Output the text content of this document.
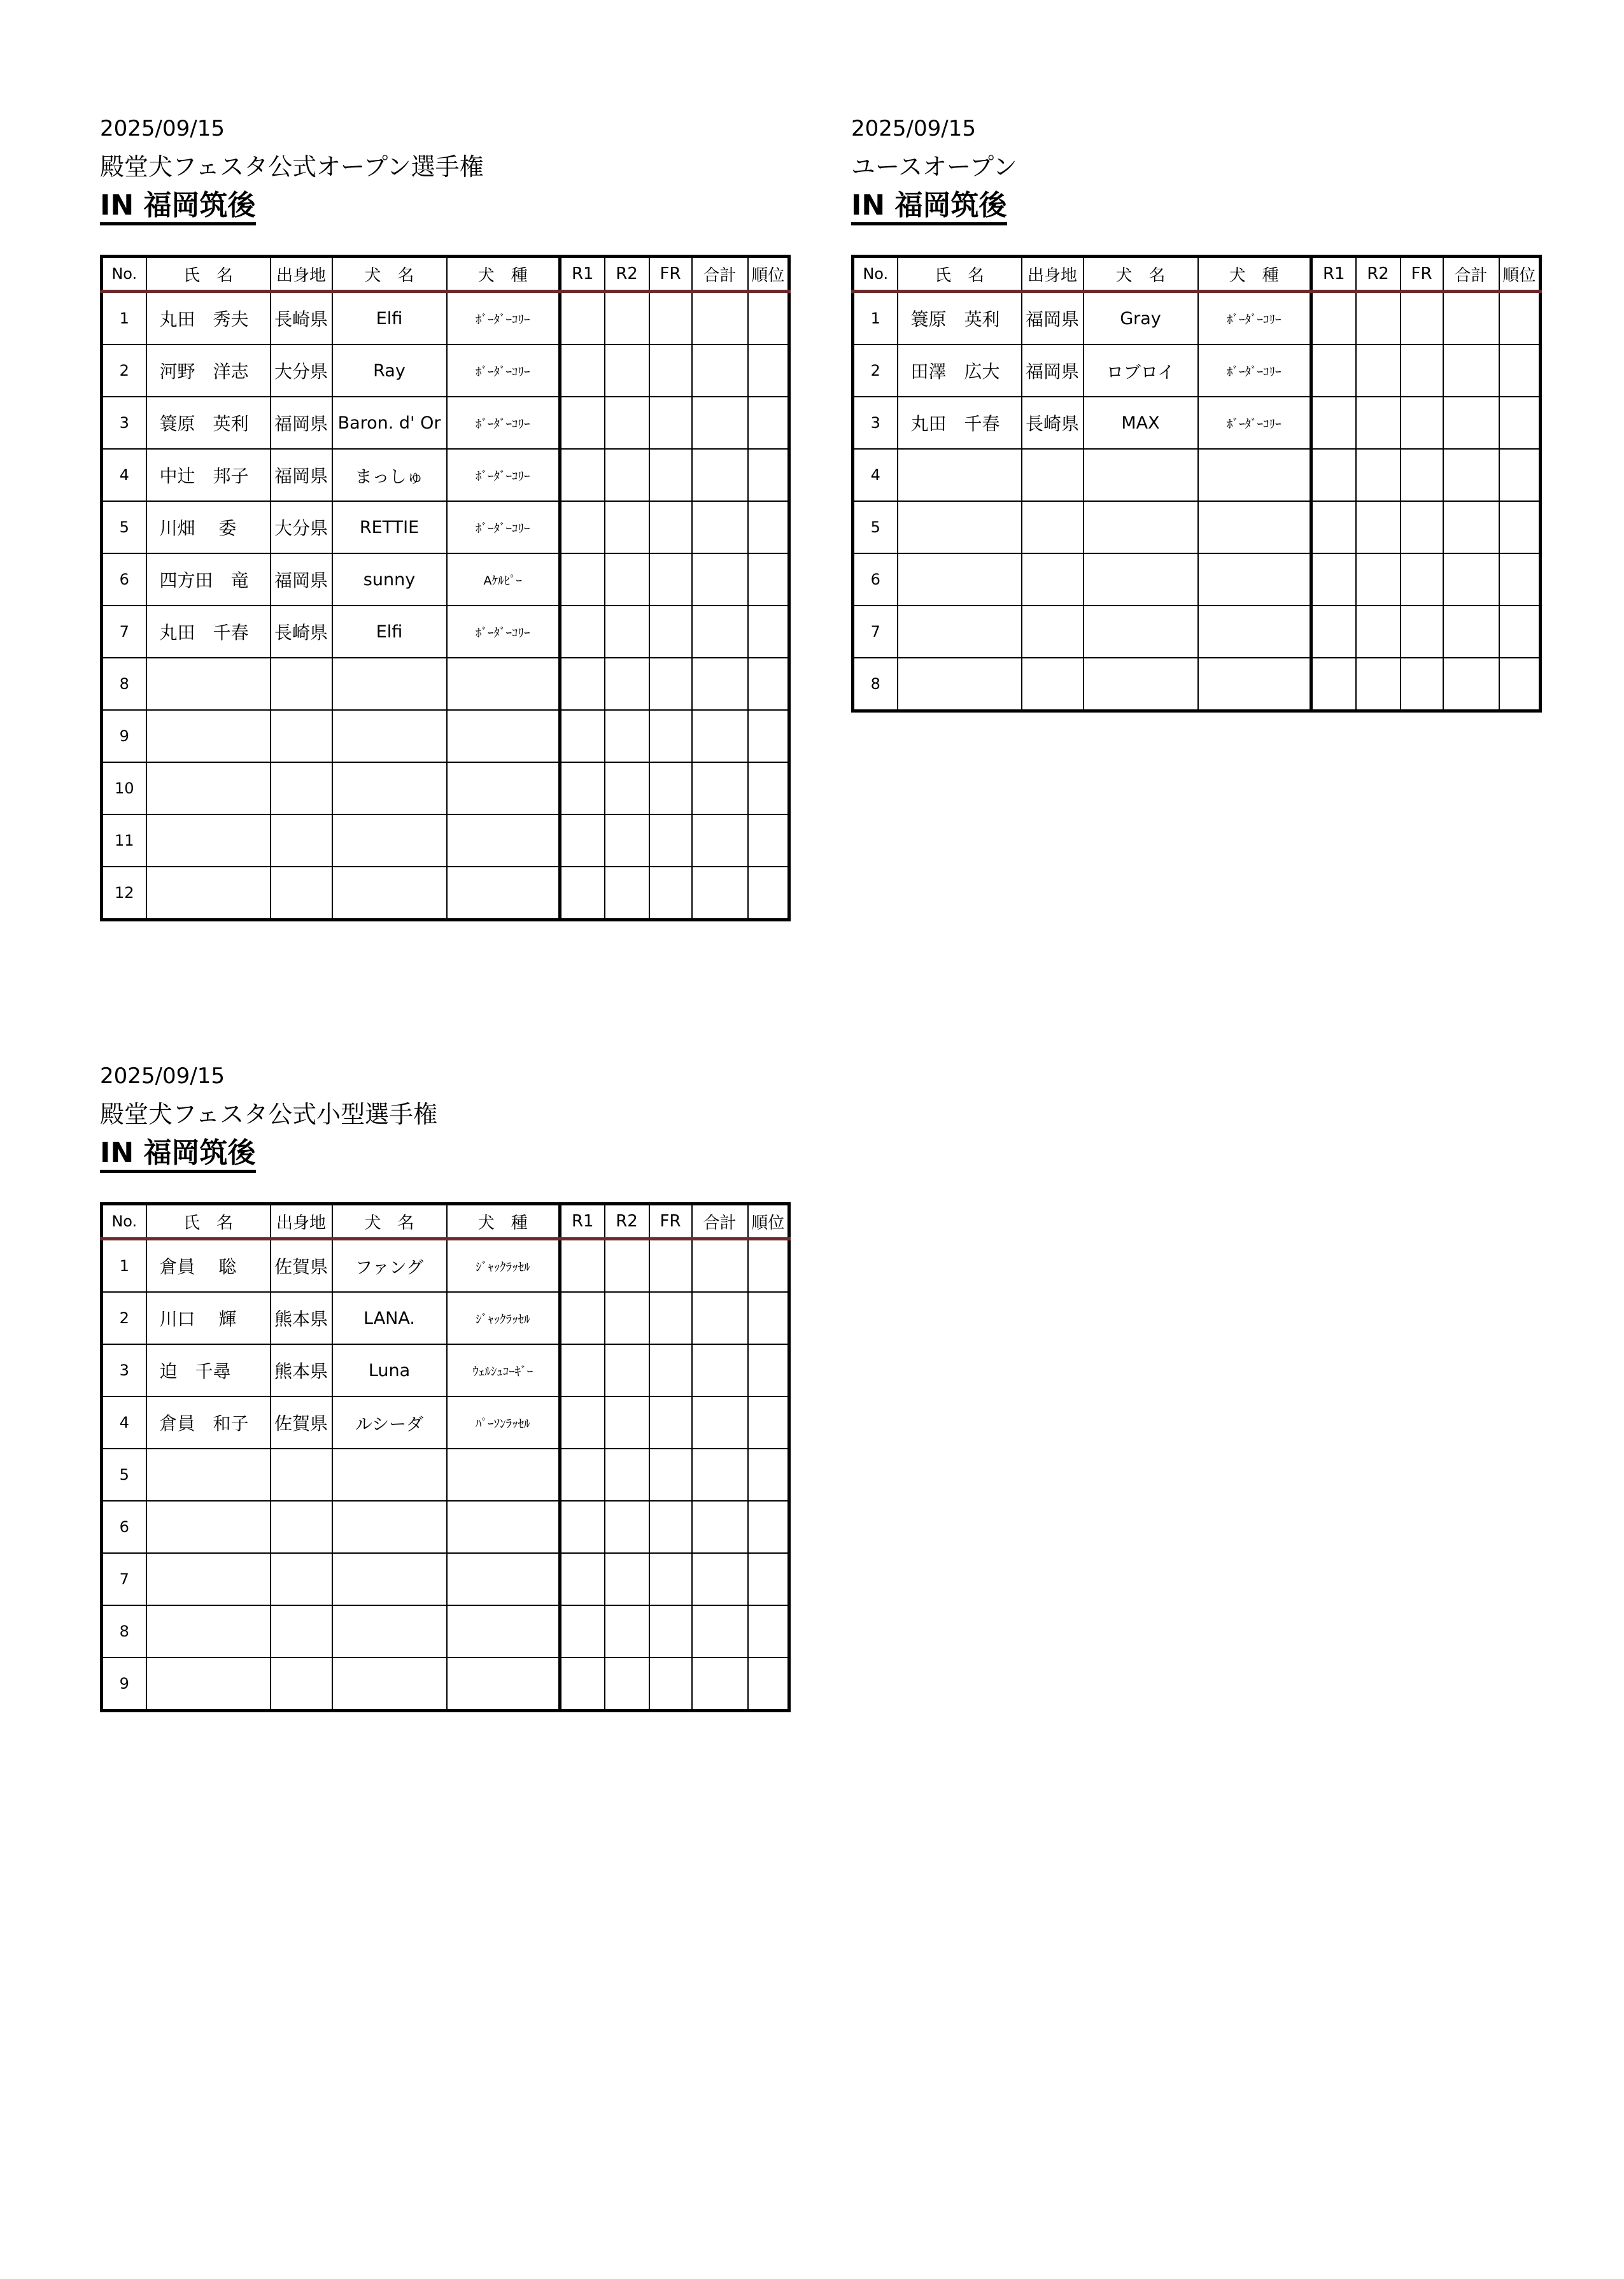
2025/09/15
殿堂犬フェスタ公式オープン選手権
IN 福岡筑後
No.	氏　名	出身地	犬　名	犬　種	R1	R2	FR	合計	順位
1	丸田　秀夫	長崎県	Elfi	ﾎﾞｰﾀﾞｰｺﾘｰ					
2	河野　洋志	大分県	Ray	ﾎﾞｰﾀﾞｰｺﾘｰ					
3	簑原　英利	福岡県	Baron. d' Or	ﾎﾞｰﾀﾞｰｺﾘｰ					
4	中辻　邦子	福岡県	まっしゅ	ﾎﾞｰﾀﾞｰｺﾘｰ					
5	川畑　 委	大分県	RETTIE	ﾎﾞｰﾀﾞｰｺﾘｰ					
6	四方田　竜	福岡県	sunny	Aｹﾙﾋﾟｰ					
7	丸田　千春	長崎県	Elfi	ﾎﾞｰﾀﾞｰｺﾘｰ					
8									
9									
10									
11									
12									
2025/09/15
ユースオープン
IN 福岡筑後
No.	氏　名	出身地	犬　名	犬　種	R1	R2	FR	合計	順位
1	簑原　英利	福岡県	Gray	ﾎﾞｰﾀﾞｰｺﾘｰ					
2	田澤　広大	福岡県	ロブロイ	ﾎﾞｰﾀﾞｰｺﾘｰ					
3	丸田　千春	長崎県	MAX	ﾎﾞｰﾀﾞｰｺﾘｰ					
4									
5									
6									
7									
8									
2025/09/15
殿堂犬フェスタ公式小型選手権
IN 福岡筑後
No.	氏　名	出身地	犬　名	犬　種	R1	R2	FR	合計	順位
1	倉員　 聡	佐賀県	ファング	ｼﾞｬｯｸﾗｯｾﾙ					
2	川口　 輝	熊本県	LANA.	ｼﾞｬｯｸﾗｯｾﾙ					
3	迫　千尋	熊本県	Luna	ｳｪﾙｼｭｺｰｷﾞｰ					
4	倉員　和子	佐賀県	ルシーダ	ﾊﾟｰｿﾝﾗｯｾﾙ					
5									
6									
7									
8									
9									
